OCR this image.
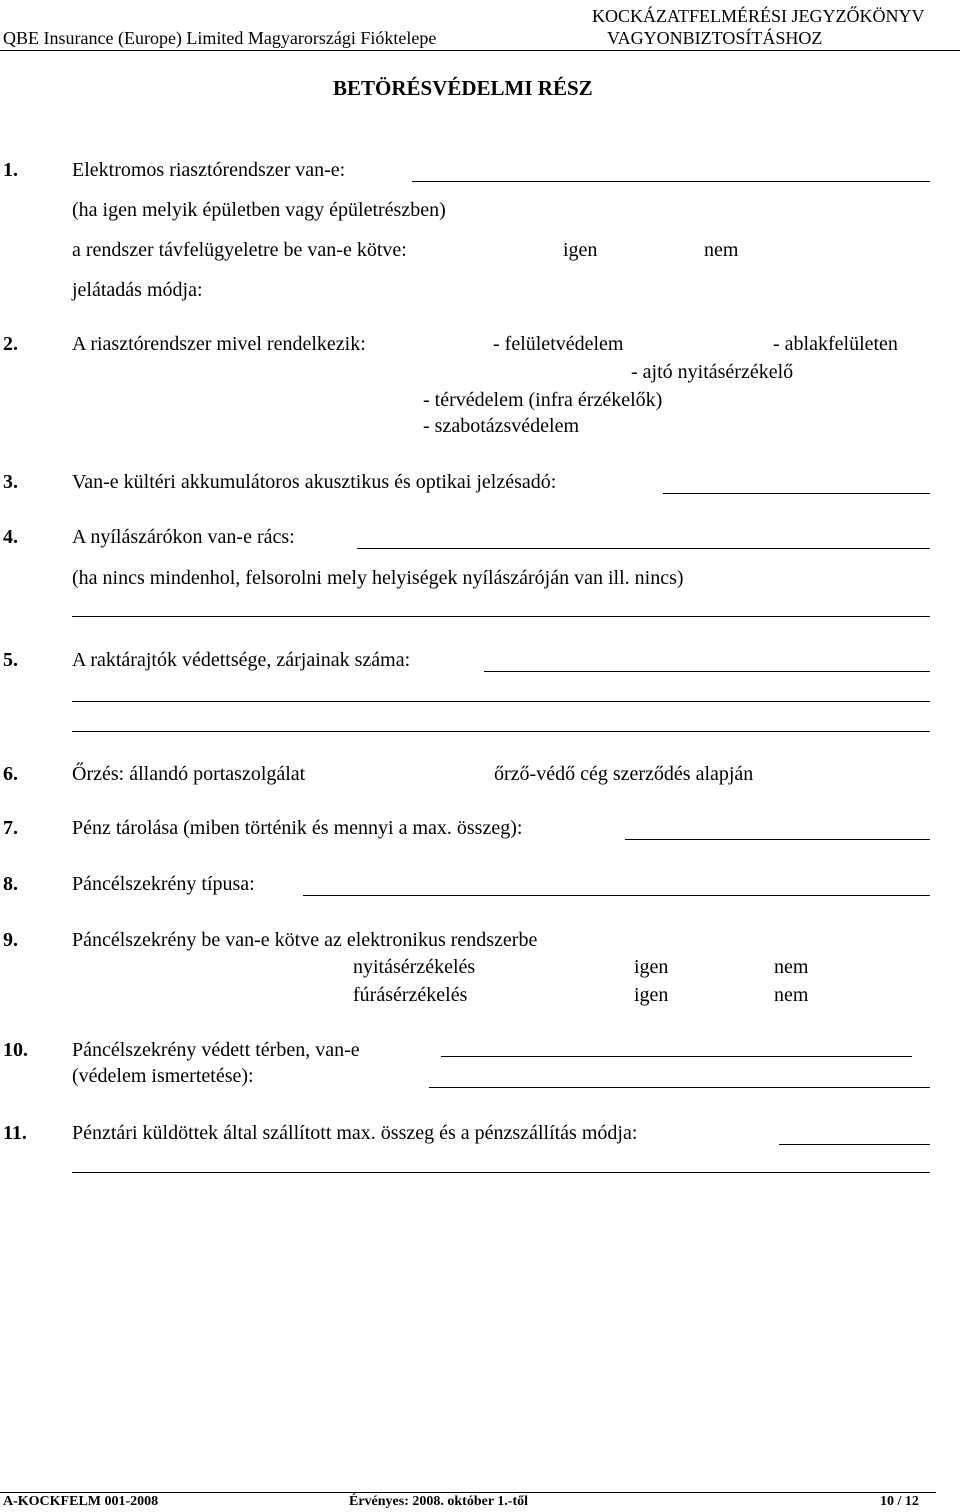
KOCKÁZATFELMÉRÉSI JEGYZŐKÖNYV
QBE Insurance (Europe) Limited Magyarországi Fióktelepe	VAGYONBIZTOSÍTÁSHOZ
BETÖRÉSVÉDELMI RÉSZ
1.	Elektromos riasztórendszer van-e:
(ha igen melyik épületben vagy épületrészben)
a rendszer távfelügyeletre be van-e kötve:	igen	nem
jelátadás módja:
2.	A riasztórendszer mivel rendelkezik:	- felületvédelem	- ablakfelületen
- ajtó nyitásérzékelő
- térvédelem (infra érzékelők)
- szabotázsvédelem
3.	Van-e kültéri akkumulátoros akusztikus és optikai jelzésadó:
4.	A nyílászárókon van-e rács:
(ha nincs mindenhol, felsorolni mely helyiségek nyílászáróján van ill. nincs)
5.	A raktárajtók védettsége, zárjainak száma:
6.	Őrzés: állandó portaszolgálat	őrző-védő cég szerződés alapján
7.	Pénz tárolása (miben történik és mennyi a max. összeg):
8.	Páncélszekrény típusa:
9.	Páncélszekrény be van-e kötve az elektronikus rendszerbe
nyitásérzékelés	igen	nem
fúrásérzékelés	igen	nem
10. Páncélszekrény védett térben, van-e
(védelem ismertetése):
11. Pénztári küldöttek által szállított max. összeg és a pénzszállítás módja:
A-KOCKFELM 001-2008	Érvényes: 2008. október 1.-től	10 / 12
